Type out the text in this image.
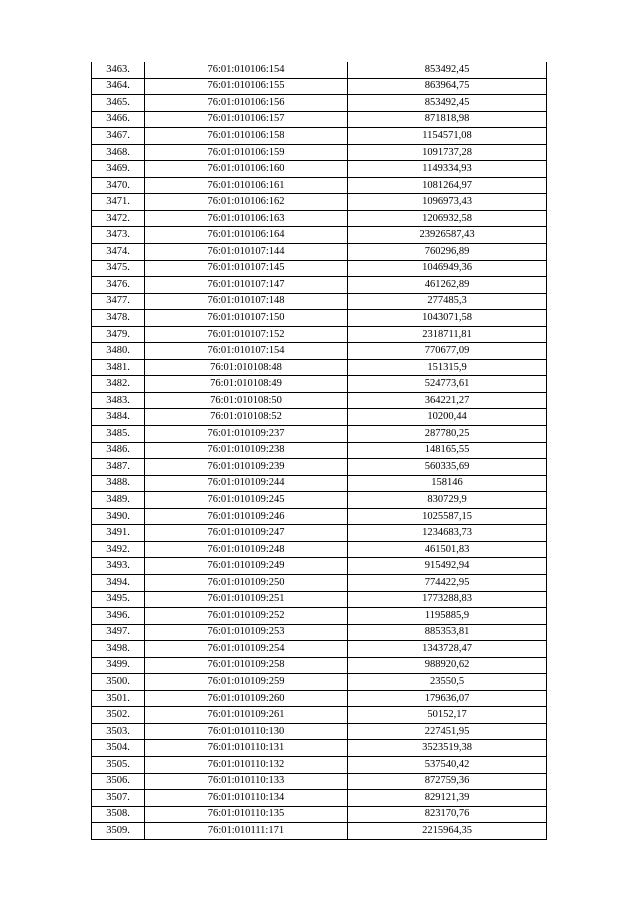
3463.	76:01:010106:154	853492,45
3464.	76:01:010106:155	863964,75
3465.	76:01:010106:156	853492,45
3466.	76:01:010106:157	871818,98
3467.	76:01:010106:158	1154571,08
3468.	76:01:010106:159	1091737,28
3469.	76:01:010106:160	1149334,93
3470.	76:01:010106:161	1081264,97
3471.	76:01:010106:162	1096973,43
3472.	76:01:010106:163	1206932,58
3473.	76:01:010106:164	23926587,43
3474.	76:01:010107:144	760296,89
3475.	76:01:010107:145	1046949,36
3476.	76:01:010107:147	461262,89
3477.	76:01:010107:148	277485,3
3478.	76:01:010107:150	1043071,58
3479.	76:01:010107:152	2318711,81
3480.	76:01:010107:154	770677,09
3481.	76:01:010108:48	151315,9
3482.	76:01:010108:49	524773,61
3483.	76:01:010108:50	364221,27
3484.	76:01:010108:52	10200,44
3485.	76:01:010109:237	287780,25
3486.	76:01:010109:238	148165,55
3487.	76:01:010109:239	560335,69
3488.	76:01:010109:244	158146
3489.	76:01:010109:245	830729,9
3490.	76:01:010109:246	1025587,15
3491.	76:01:010109:247	1234683,73
3492.	76:01:010109:248	461501,83
3493.	76:01:010109:249	915492,94
3494.	76:01:010109:250	774422,95
3495.	76:01:010109:251	1773288,83
3496.	76:01:010109:252	1195885,9
3497.	76:01:010109:253	885353,81
3498.	76:01:010109:254	1343728,47
3499.	76:01:010109:258	988920,62
3500.	76:01:010109:259	23550,5
3501.	76:01:010109:260	179636,07
3502.	76:01:010109:261	50152,17
3503.	76:01:010110:130	227451,95
3504.	76:01:010110:131	3523519,38
3505.	76:01:010110:132	537540,42
3506.	76:01:010110:133	872759,36
3507.	76:01:010110:134	829121,39
3508.	76:01:010110:135	823170,76
3509.	76:01:010111:171	2215964,35
